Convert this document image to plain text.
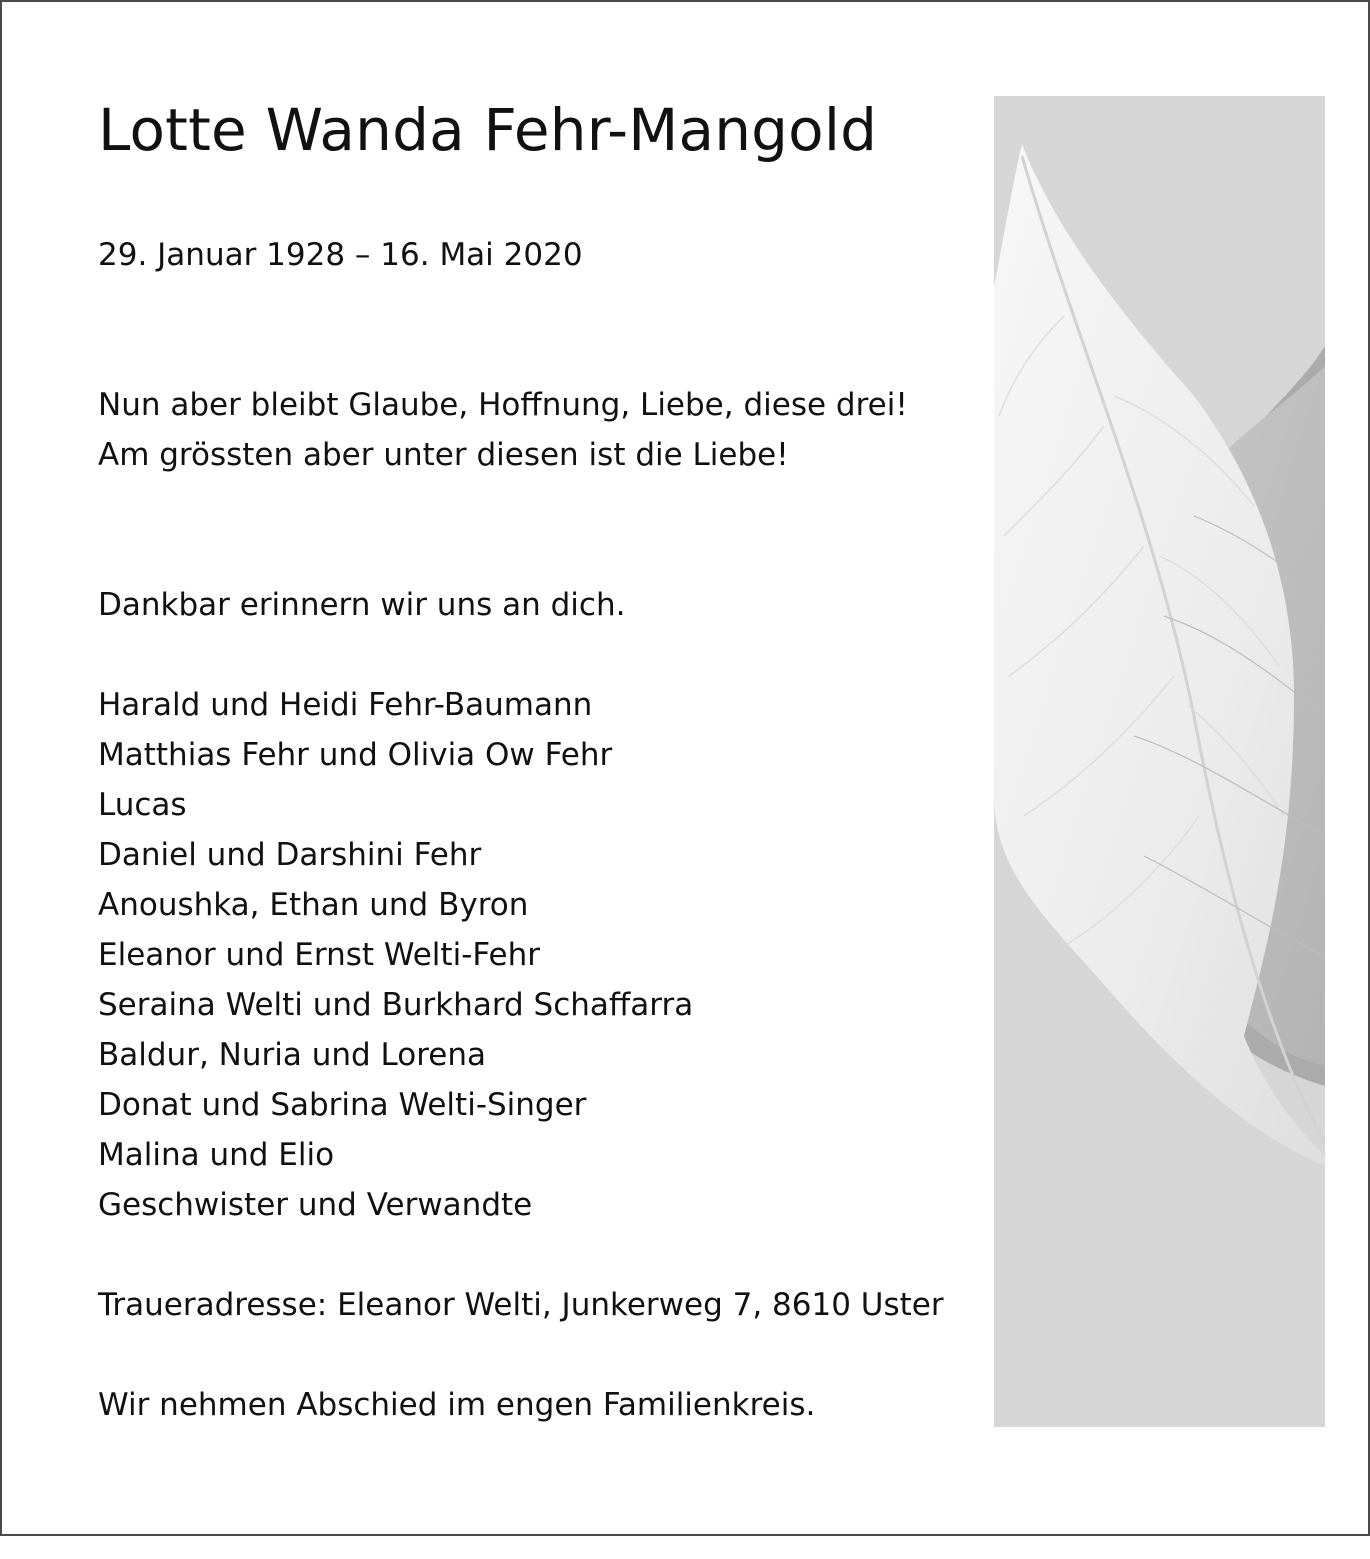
Lotte Wanda Fehr-Mangold
29. Januar 1928 – 16. Mai 2020
Nun aber bleibt Glaube, Hoffnung, Liebe, diese drei!
Am grössten aber unter diesen ist die Liebe!
Dankbar erinnern wir uns an dich.
Harald und Heidi Fehr-Baumann
Matthias Fehr und Olivia Ow Fehr
Lucas
Daniel und Darshini Fehr
Anoushka, Ethan und Byron
Eleanor und Ernst Welti-Fehr
Seraina Welti und Burkhard Schaffarra
Baldur, Nuria und Lorena
Donat und Sabrina Welti-Singer
Malina und Elio
Geschwister und Verwandte
Traueradresse: Eleanor Welti, Junkerweg 7, 8610 Uster
Wir nehmen Abschied im engen Familienkreis.
